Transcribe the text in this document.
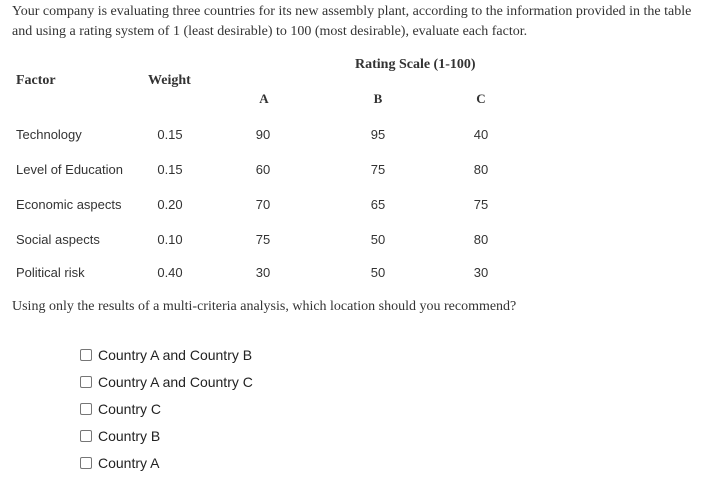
Your company is evaluating three countries for its new assembly plant, according to the information provided in the table and using a rating system of 1 (least desirable) to 100 (most desirable), evaluate each factor.
Rating Scale (1-100)
Factor	Weight
A	B	C
Technology	0.15	90	95	40
Level of Education	0.15	60	75	80
Economic aspects	0.20	70	65	75
Social aspects	0.10	75	50	80
Political risk	0.40	30	50	30
Using only the results of a multi-criteria analysis, which location should you recommend?
Country A and Country B
Country A and Country C
Country C
Country B
Country A
